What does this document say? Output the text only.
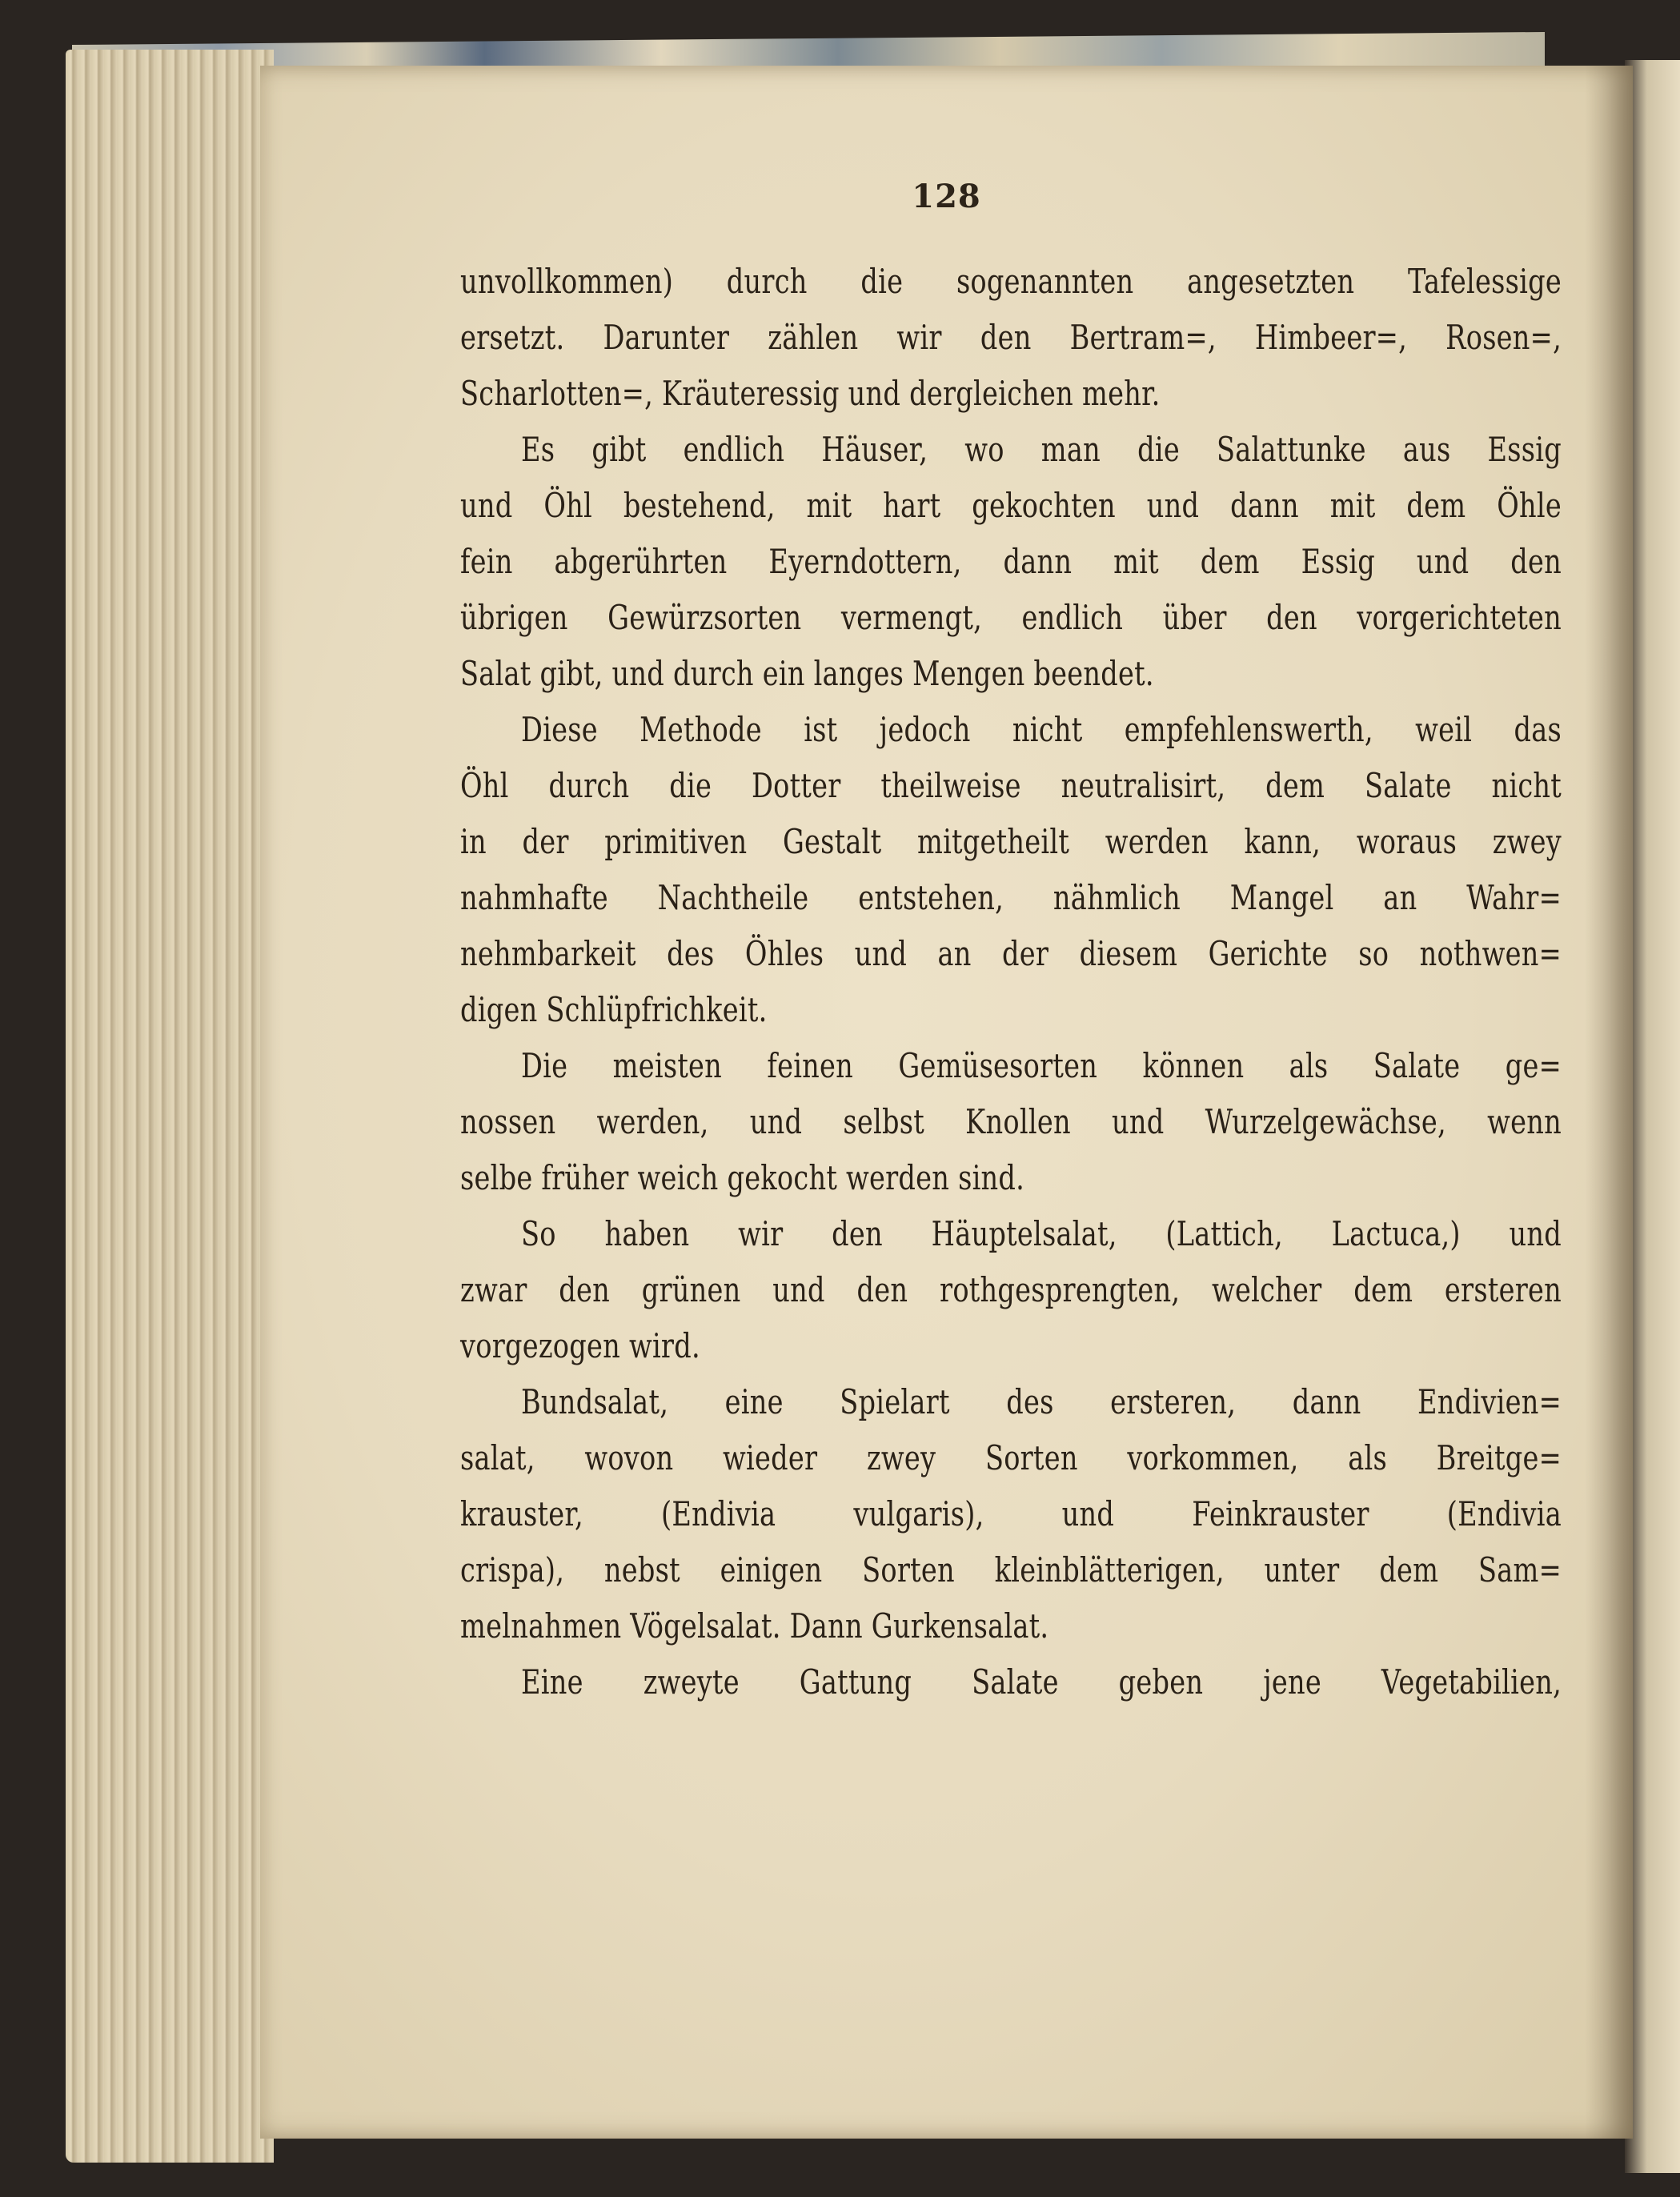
128
unvollkommen) durch die sogenannten angesetzten Tafelessige
ersetzt. Darunter zählen wir den Bertram=, Himbeer=, Rosen=,
Scharlotten=, Kräuteressig und dergleichen mehr.
Es gibt endlich Häuser, wo man die Salattunke aus Essig
und Öhl bestehend, mit hart gekochten und dann mit dem Öhle
fein abgerührten Eyerndottern, dann mit dem Essig und den
übrigen Gewürzsorten vermengt, endlich über den vorgerichteten
Salat gibt, und durch ein langes Mengen beendet.
Diese Methode ist jedoch nicht empfehlenswerth, weil das
Öhl durch die Dotter theilweise neutralisirt, dem Salate nicht
in der primitiven Gestalt mitgetheilt werden kann, woraus zwey
nahmhafte Nachtheile entstehen, nähmlich Mangel an Wahr=
nehmbarkeit des Öhles und an der diesem Gerichte so nothwen=
digen Schlüpfrichkeit.
Die meisten feinen Gemüsesorten können als Salate ge=
nossen werden, und selbst Knollen und Wurzelgewächse, wenn
selbe früher weich gekocht werden sind.
So haben wir den Häuptelsalat, (Lattich, Lactuca,) und
zwar den grünen und den rothgesprengten, welcher dem ersteren
vorgezogen wird.
Bundsalat, eine Spielart des ersteren, dann Endivien=
salat, wovon wieder zwey Sorten vorkommen, als Breitge=
krauster, (Endivia vulgaris), und Feinkrauster (Endivia
crispa), nebst einigen Sorten kleinblätterigen, unter dem Sam=
melnahmen Vögelsalat. Dann Gurkensalat.
Eine zweyte Gattung Salate geben jene Vegetabilien,
